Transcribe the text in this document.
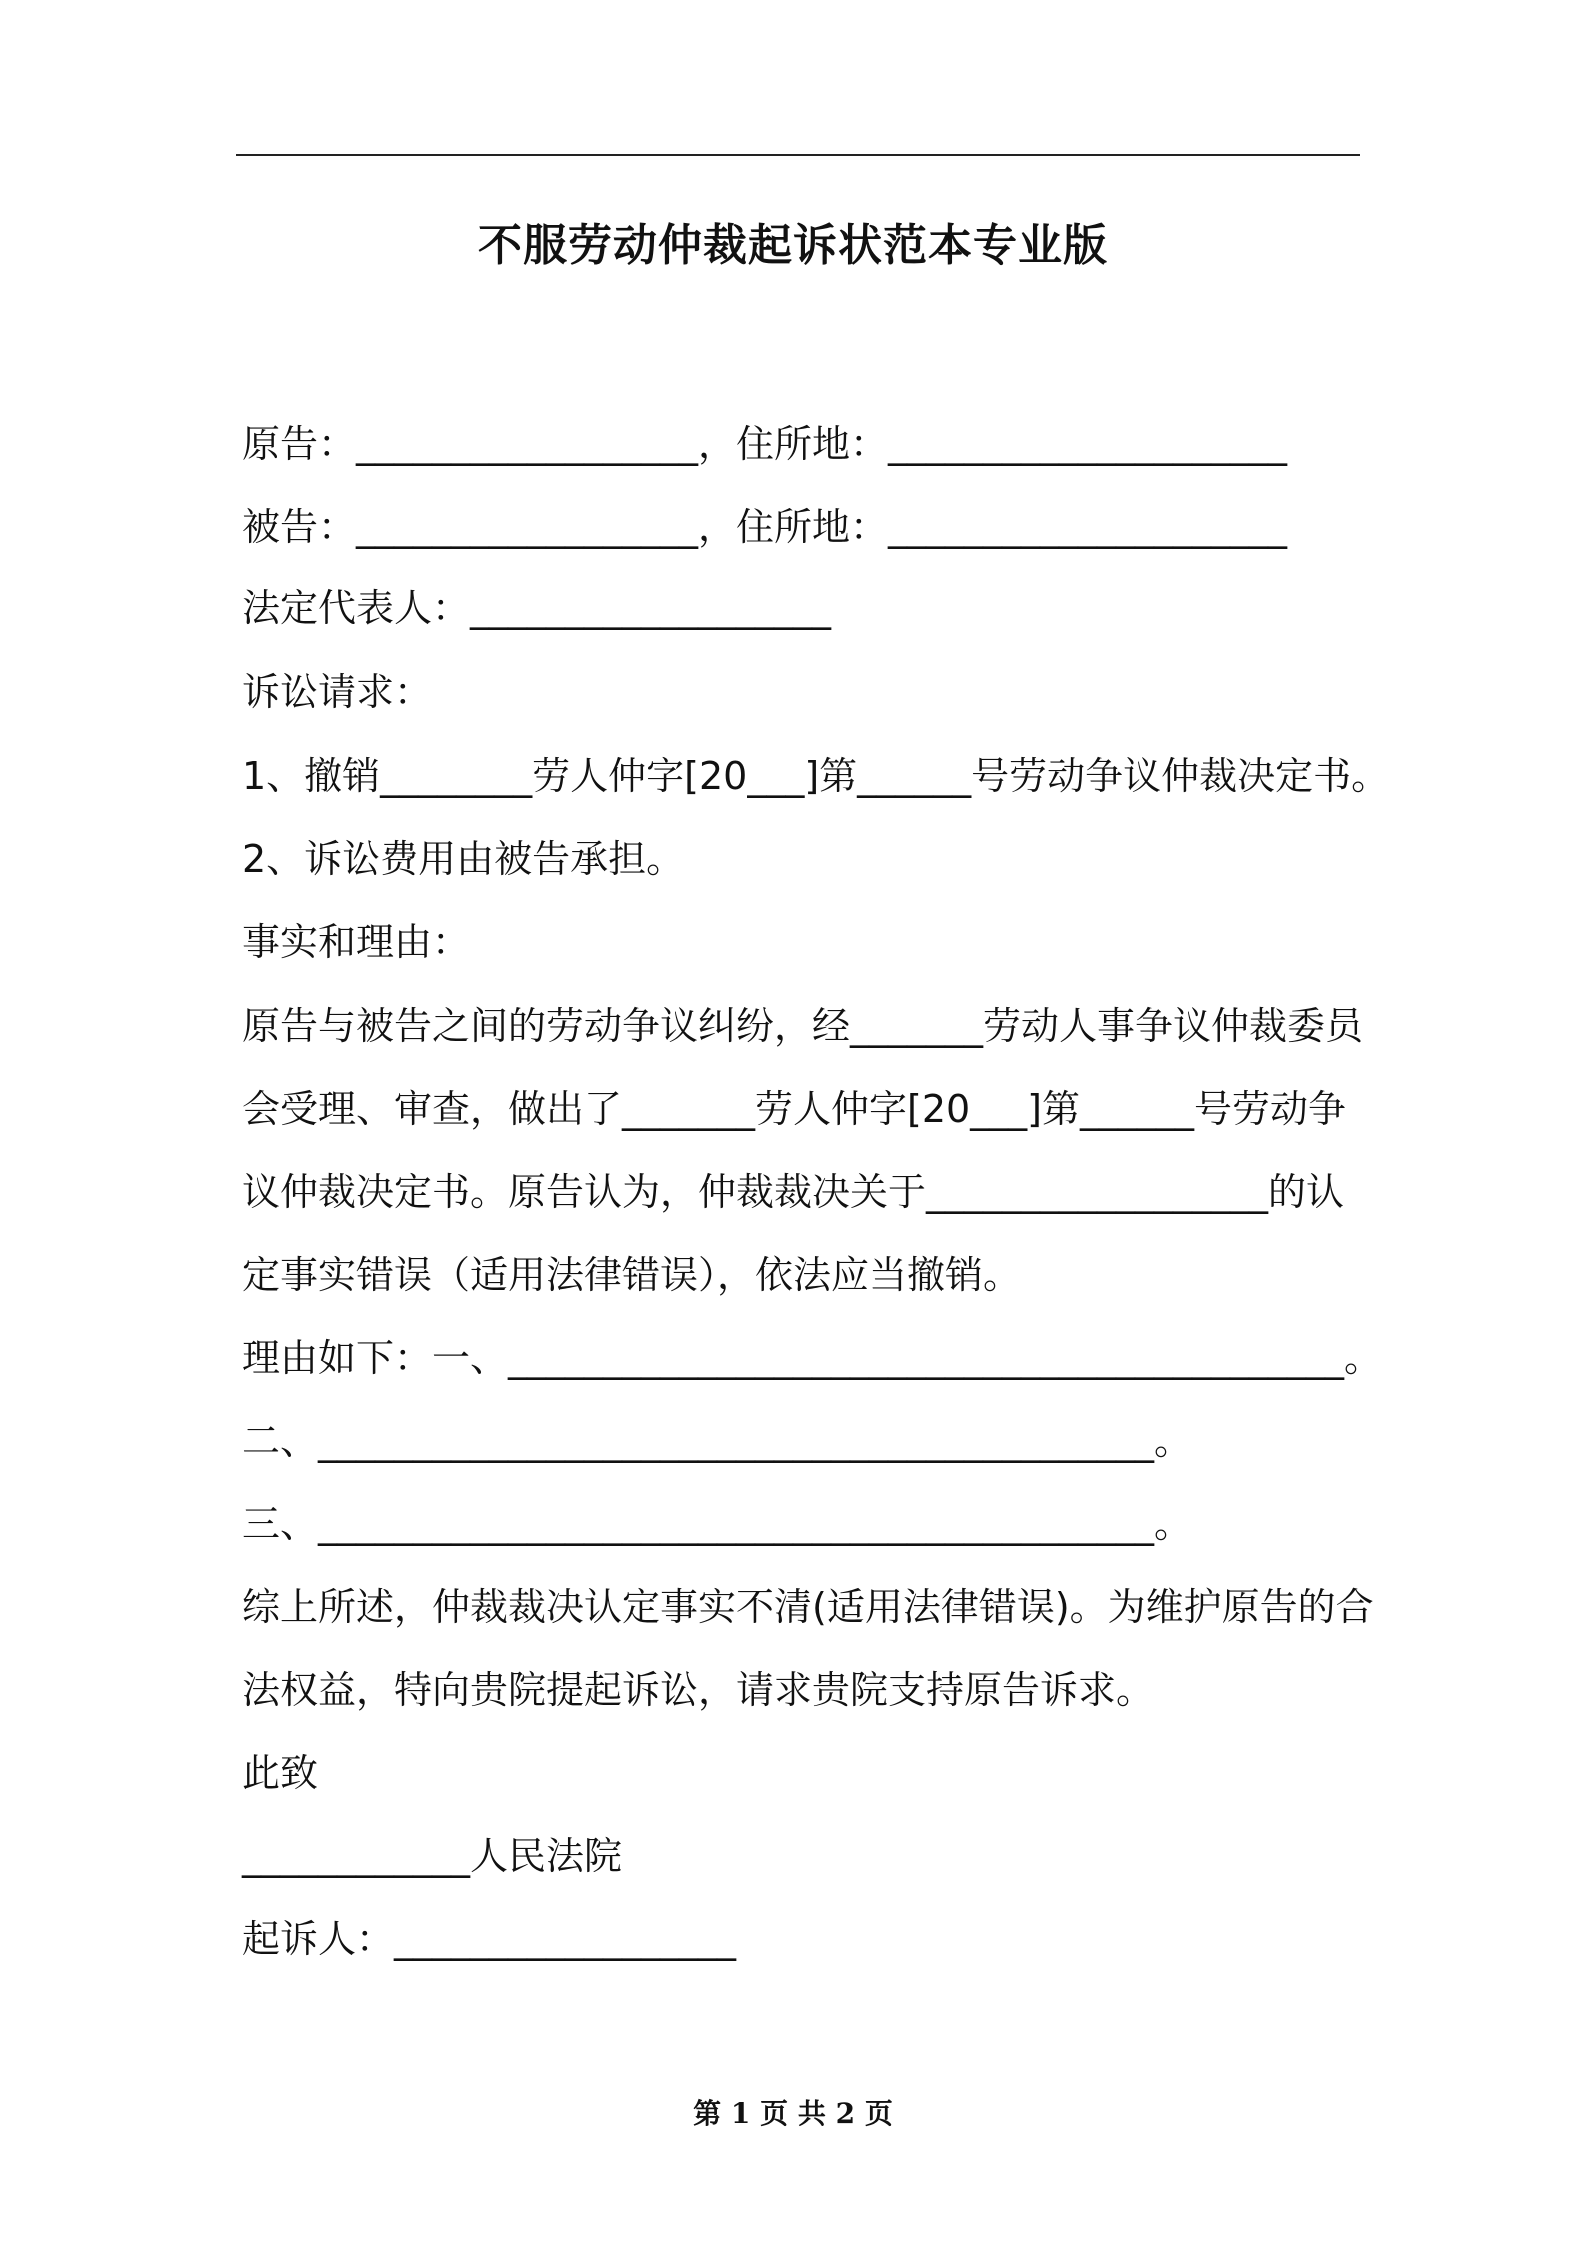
不服劳动仲裁起诉状范本专业版
原告：__________________，住所地：_____________________
被告：__________________，住所地：_____________________
法定代表人：___________________
诉讼请求：
1、撤销________劳人仲字[20___]第______号劳动争议仲裁决定书。
2、诉讼费用由被告承担。
事实和理由：
原告与被告之间的劳动争议纠纷，经_______劳动人事争议仲裁委员
会受理、审查，做出了_______劳人仲字[20___]第______号劳动争
议仲裁决定书。原告认为，仲裁裁决关于__________________的认
定事实错误（适用法律错误），依法应当撤销。
理由如下：一、____________________________________________。
二、____________________________________________。
三、____________________________________________。
综上所述，仲裁裁决认定事实不清(适用法律错误)。为维护原告的合
法权益，特向贵院提起诉讼，请求贵院支持原告诉求。
此致
____________人民法院
起诉人：__________________
第 1 页 共 2 页
